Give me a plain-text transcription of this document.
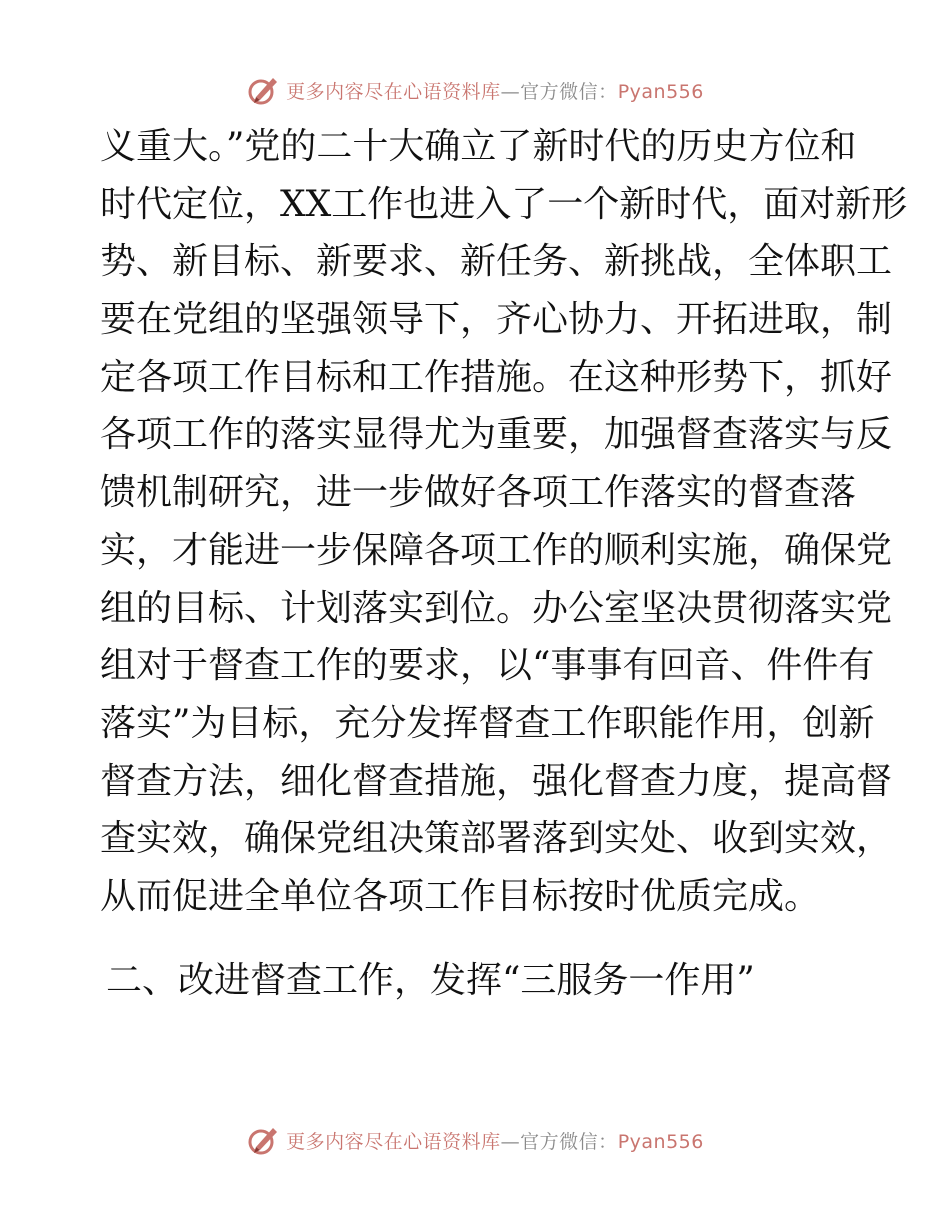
更多内容尽在心语资料库—官方微信：Pyan556
义重大。”党的二十大确立了新时代的历史方位和
时代定位，XX工作也进入了一个新时代，面对新形
势、新目标、新要求、新任务、新挑战，全体职工
要在党组的坚强领导下，齐心协力、开拓进取，制
定各项工作目标和工作措施。在这种形势下，抓好
各项工作的落实显得尤为重要，加强督查落实与反
馈机制研究，进一步做好各项工作落实的督查落
实，才能进一步保障各项工作的顺利实施，确保党
组的目标、计划落实到位。办公室坚决贯彻落实党
组对于督查工作的要求，以“事事有回音、件件有
落实”为目标，充分发挥督查工作职能作用，创新
督查方法，细化督查措施，强化督查力度，提高督
查实效，确保党组决策部署落到实处、收到实效，
从而促进全单位各项工作目标按时优质完成。
二、改进督查工作，发挥“三服务一作用”
更多内容尽在心语资料库—官方微信：Pyan556
